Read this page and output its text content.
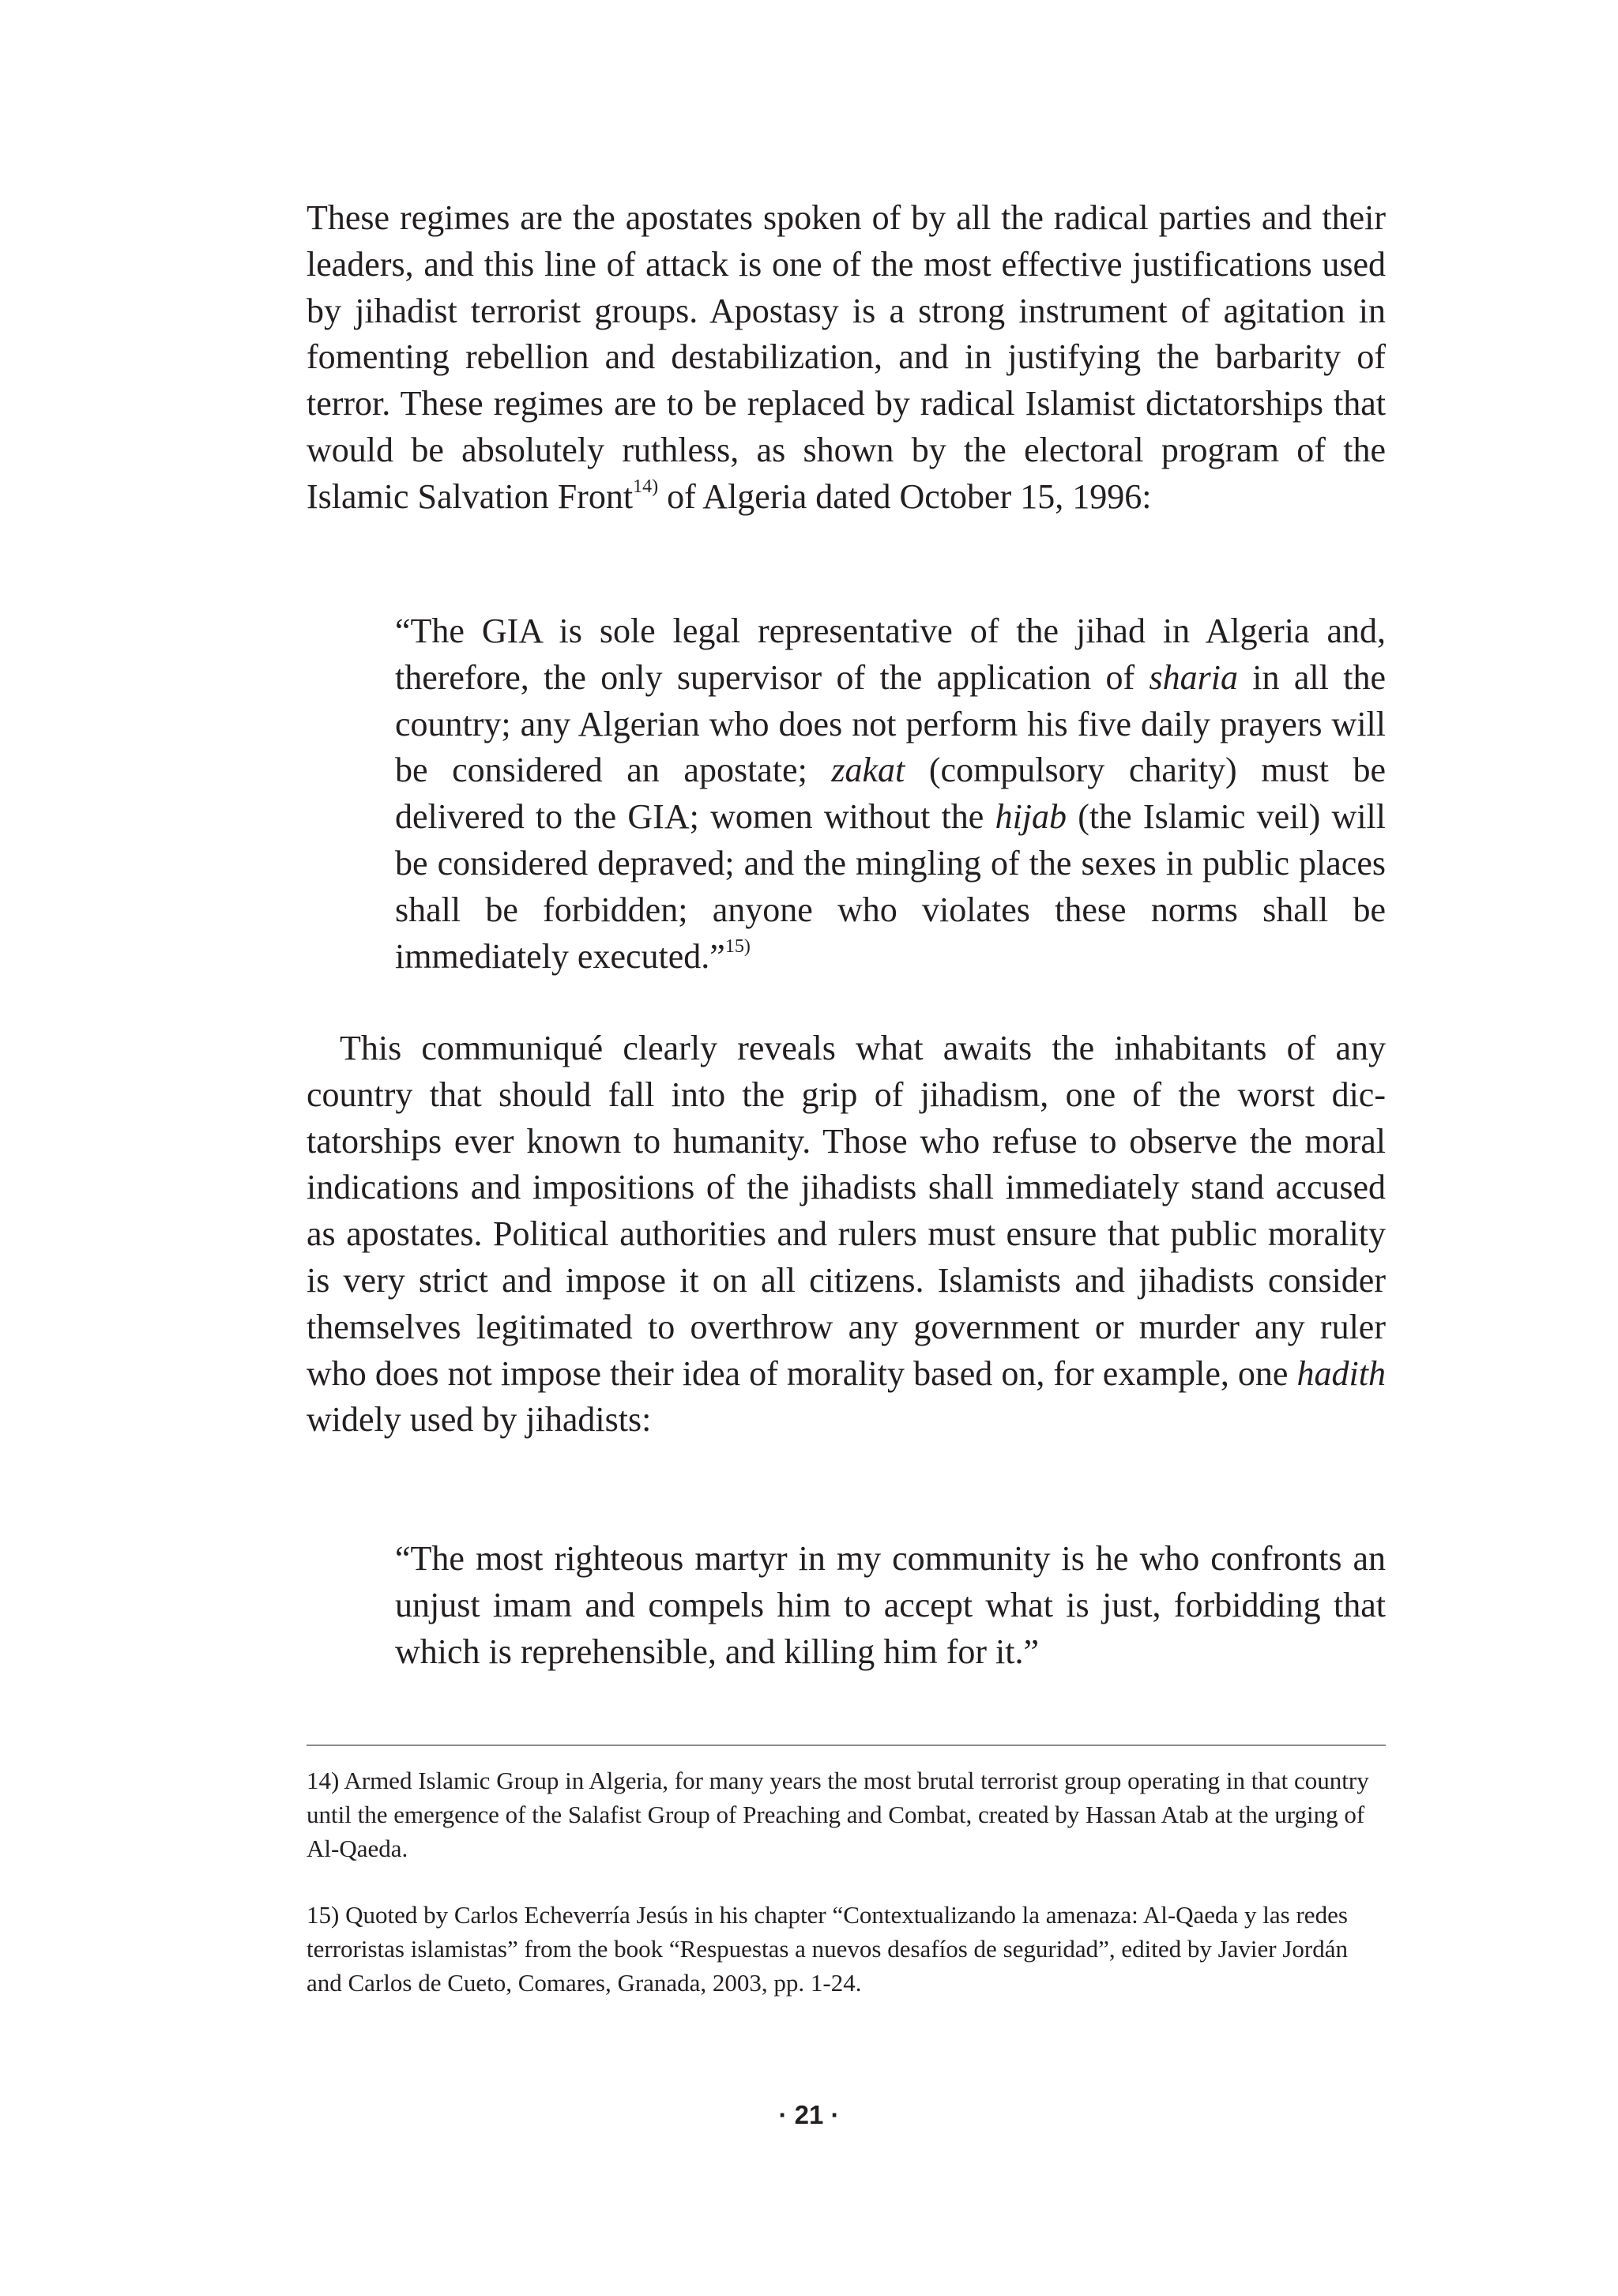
These regimes are the apostates spoken of by all the radical parties and their leaders, and this line of attack is one of the most effective justifications used by jihadist terrorist groups. Apostasy is a strong instrument of agitation in fomenting rebellion and destabilization, and in justifying the barbarity of terror. These regimes are to be replaced by radical Islamist dictatorships that would be absolutely ruthless, as shown by the electoral program of the Islamic Salvation Front$^{14)}$ of Algeria dated October 15, 1996:

“The GIA is sole legal representative of the jihad in Algeria and, therefore, the only supervisor of the application of sharia in all the country; any Algerian who does not perform his five daily prayers will be considered an apostate; zakat (compulsory charity) must be delivered to the GIA; women without the hijab (the Islamic veil) will be considered depraved; and the mingling of the sexes in public places shall be forbidden; anyone who violates these norms shall be immediately executed.”$^{15)}$

This communiqué clearly reveals what awaits the inhabitants of any country that should fall into the grip of jihadism, one of the worst dictatorships ever known to humanity. Those who refuse to observe the moral indications and impositions of the jihadists shall immediately stand accused as apostates. Political authorities and rulers must ensure that public morality is very strict and impose it on all citizens. Islamists and jihadists consider themselves legitimated to overthrow any government or murder any ruler who does not impose their idea of morality based on, for example, one hadith widely used by jihadists:

“The most righteous martyr in my community is he who confronts an unjust imam and compels him to accept what is just, forbidding that which is reprehensible, and killing him for it.”

14) Armed Islamic Group in Algeria, for many years the most brutal terrorist group operating in that country until the emergence of the Salafist Group of Preaching and Combat, created by Hassan Atab at the urging of Al-Qaeda.

15) Quoted by Carlos Echeverría Jesús in his chapter “Contextualizando la amenaza: Al-Qaeda y las redes terroristas islamistas” from the book “Respuestas a nuevos desafíos de seguridad”, edited by Javier Jordán and Carlos de Cueto, Comares, Granada, 2003, pp. 1-24.

· 21 ·
